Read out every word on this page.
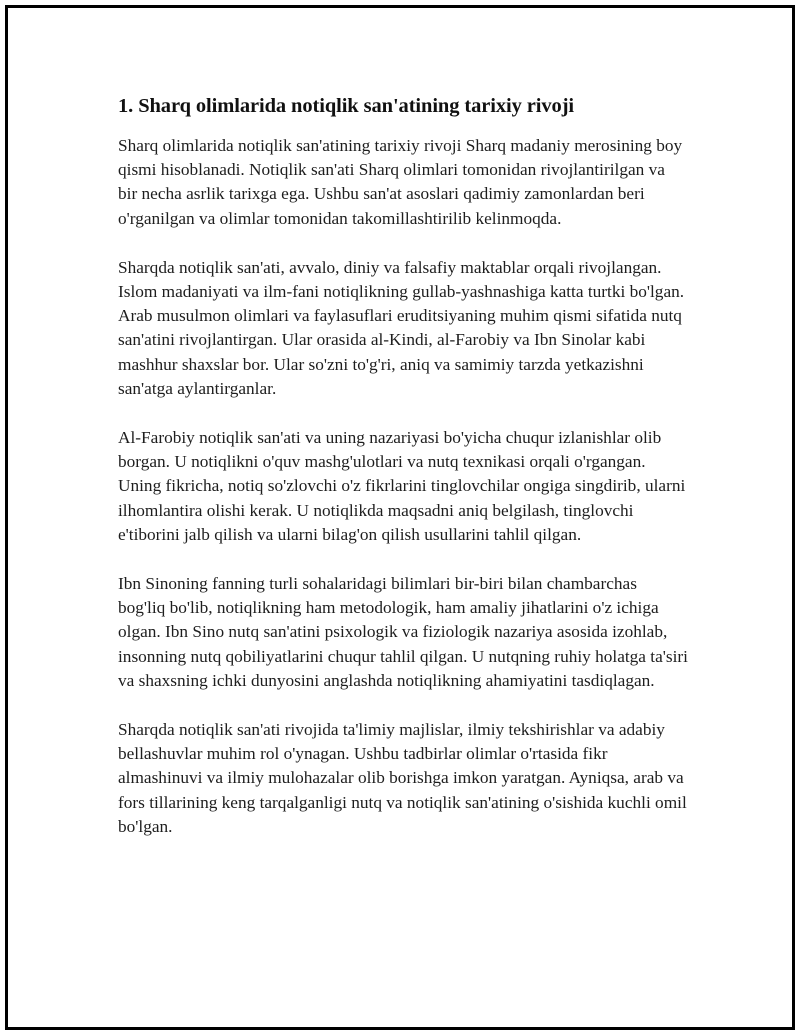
1. Sharq olimlarida notiqlik san'atining tarixiy rivoji

Sharq olimlarida notiqlik san'atining tarixiy rivoji Sharq madaniy merosining boy qismi hisoblanadi. Notiqlik san'ati Sharq olimlari tomonidan rivojlantirilgan va bir necha asrlik tarixga ega. Ushbu san'at asoslari qadimiy zamonlardan beri o'rganilgan va olimlar tomonidan takomillashtirilib kelinmoqda.

Sharqda notiqlik san'ati, avvalo, diniy va falsafiy maktablar orqali rivojlangan. Islom madaniyati va ilm-fani notiqlikning gullab-yashnashiga katta turtki bo'lgan. Arab musulmon olimlari va faylasuflari eruditsiyaning muhim qismi sifatida nutq san'atini rivojlantirgan. Ular orasida al-Kindi, al-Farobiy va Ibn Sinolar kabi mashhur shaxslar bor. Ular so'zni to'g'ri, aniq va samimiy tarzda yetkazishni san'atga aylantirganlar.

Al-Farobiy notiqlik san'ati va uning nazariyasi bo'yicha chuqur izlanishlar olib borgan. U notiqlikni o'quv mashg'ulotlari va nutq texnikasi orqali o'rgangan. Uning fikricha, notiq so'zlovchi o'z fikrlarini tinglovchilar ongiga singdirib, ularni ilhomlantira olishi kerak. U notiqlikda maqsadni aniq belgilash, tinglovchi e'tiborini jalb qilish va ularni bilag'on qilish usullarini tahlil qilgan.

Ibn Sinoning fanning turli sohalaridagi bilimlari bir-biri bilan chambarchas bog'liq bo'lib, notiqlikning ham metodologik, ham amaliy jihatlarini o'z ichiga olgan. Ibn Sino nutq san'atini psixologik va fiziologik nazariya asosida izohlab, insonning nutq qobiliyatlarini chuqur tahlil qilgan. U nutqning ruhiy holatga ta'siri va shaxsning ichki dunyosini anglashda notiqlikning ahamiyatini tasdiqlagan.

Sharqda notiqlik san'ati rivojida ta'limiy majlislar, ilmiy tekshirishlar va adabiy bellashuvlar muhim rol o'ynagan. Ushbu tadbirlar olimlar o'rtasida fikr almashinuvi va ilmiy mulohazalar olib borishga imkon yaratgan. Ayniqsa, arab va fors tillarining keng tarqalganligi nutq va notiqlik san'atining o'sishida kuchli omil bo'lgan.
